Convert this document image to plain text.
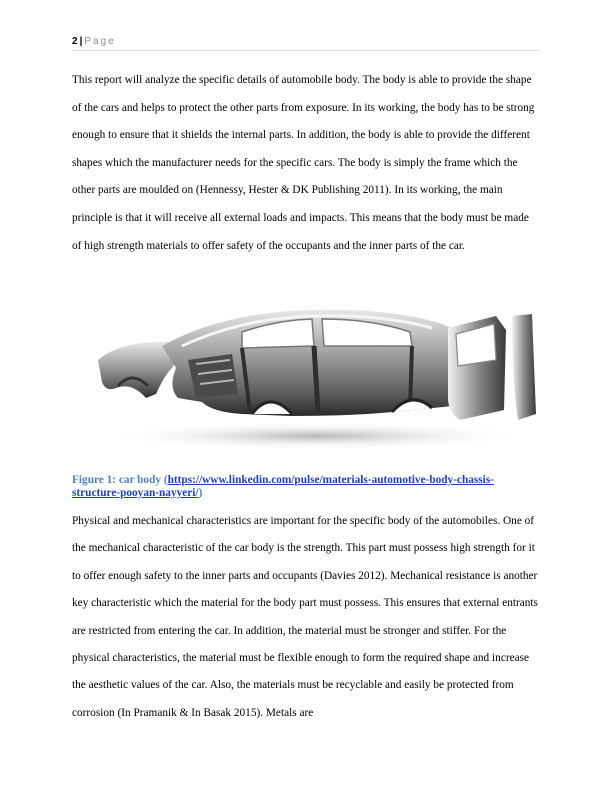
2 | Page

This report will analyze the specific details of automobile body. The body is able to provide the shape of the cars and helps to protect the other parts from exposure. In its working, the body has to be strong enough to ensure that it shields the internal parts. In addition, the body is able to provide the different shapes which the manufacturer needs for the specific cars. The body is simply the frame which the other parts are moulded on (Hennessy, Hester & DK Publishing 2011). In its working, the main principle is that it will receive all external loads and impacts. This means that the body must be made of high strength materials to offer safety of the occupants and the inner parts of the car.

Figure 1: car body (https://www.linkedin.com/pulse/materials-automotive-body-chassis-structure-pooyan-nayyeri/)

Physical and mechanical characteristics are important for the specific body of the automobiles. One of the mechanical characteristic of the car body is the strength. This part must possess high strength for it to offer enough safety to the inner parts and occupants (Davies 2012). Mechanical resistance is another key characteristic which the material for the body part must possess. This ensures that external entrants are restricted from entering the car. In addition, the material must be stronger and stiffer. For the physical characteristics, the material must be flexible enough to form the required shape and increase the aesthetic values of the car. Also, the materials must be recyclable and easily be protected from corrosion (In Pramanik & In Basak 2015). Metals are
